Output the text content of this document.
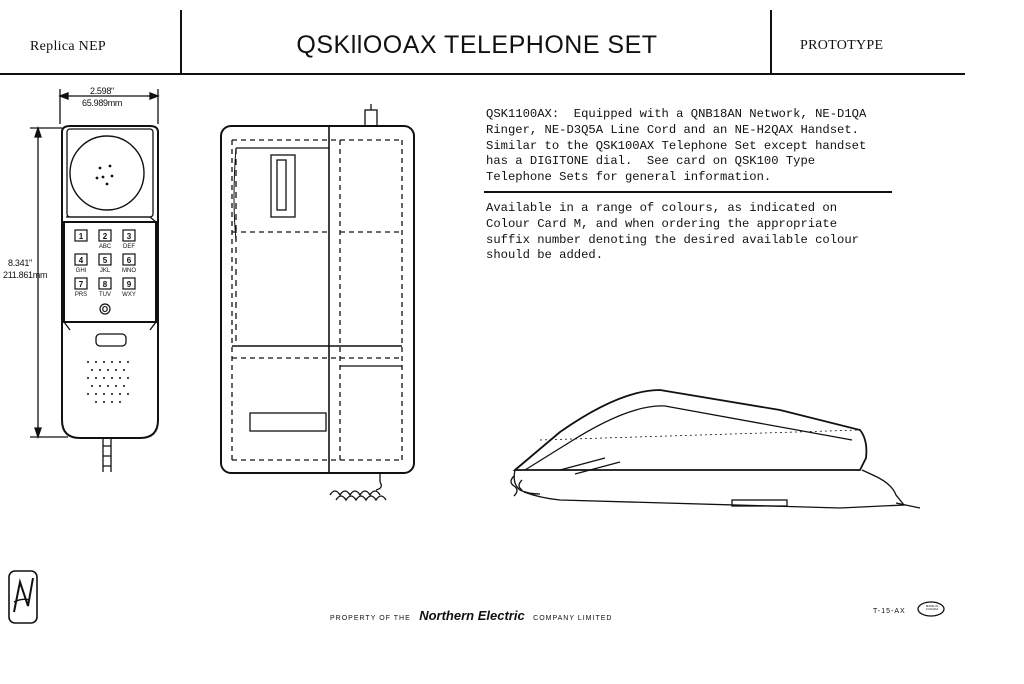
Replica NEP	QSKllOOAX TELEPHONE SET	PROTOTYPE
QSK1100AX:  Equipped with a QNB18AN Network, NE-D1QA
Ringer, NE-D3Q5A Line Cord and an NE-H2QAX Handset.
Similar to the QSK100AX Telephone Set except handset
has a DIGITONE dial.  See card on QSK100 Type
Telephone Sets for general information.
Available in a range of colours, as indicated on
Colour Card M, and when ordering the appropriate
suffix number denoting the desired available colour
should be added.
2.598"
65.989mm
8.341"
211.861mm
1 2
ABC
3
DEF
4
GHI
5
JKL
6
MNO
7
PRS
8
TUV
9
WXY
O
PROPERTY OF THE Northern Electric COMPANY LIMITED
T-15-AX
MADE IN CANADA
